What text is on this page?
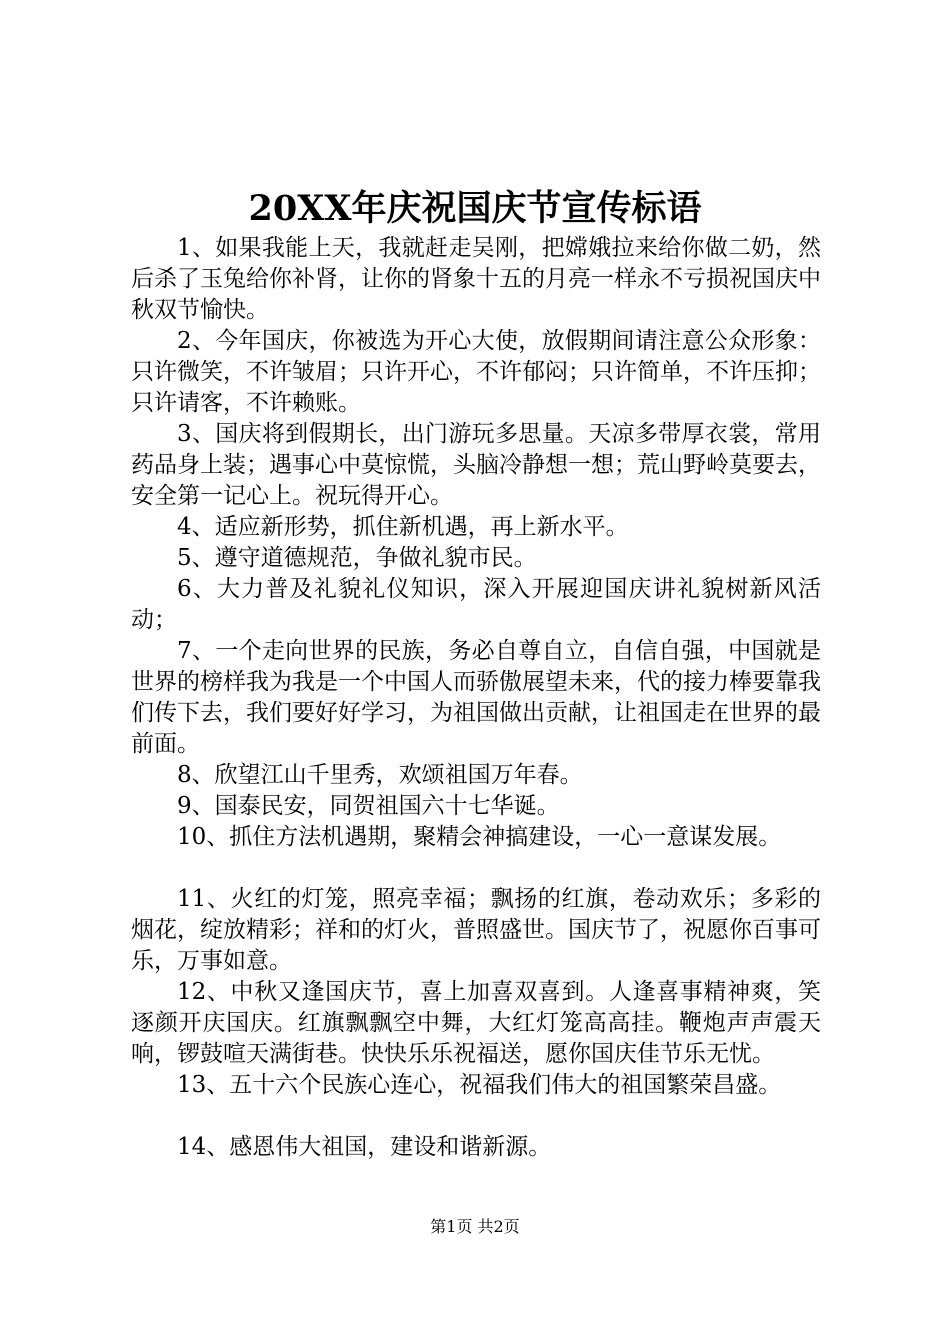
20XX年庆祝国庆节宣传标语

1、如果我能上天，我就赶走吴刚，把嫦娥拉来给你做二奶，然后杀了玉兔给你补肾，让你的肾象十五的月亮一样永不亏损祝国庆中秋双节愉快。

2、今年国庆，你被选为开心大使，放假期间请注意公众形象：只许微笑，不许皱眉；只许开心，不许郁闷；只许简单，不许压抑；只许请客，不许赖账。

3、国庆将到假期长，出门游玩多思量。天凉多带厚衣裳，常用药品身上装；遇事心中莫惊慌，头脑冷静想一想；荒山野岭莫要去，安全第一记心上。祝玩得开心。

4、适应新形势，抓住新机遇，再上新水平。

5、遵守道德规范，争做礼貌市民。

6、大力普及礼貌礼仪知识，深入开展迎国庆讲礼貌树新风活动；

7、一个走向世界的民族，务必自尊自立，自信自强，中国就是世界的榜样我为我是一个中国人而骄傲展望未来，代的接力棒要靠我们传下去，我们要好好学习，为祖国做出贡献，让祖国走在世界的最前面。

8、欣望江山千里秀，欢颂祖国万年春。

9、国泰民安，同贺祖国六十七华诞。

10、抓住方法机遇期，聚精会神搞建设，一心一意谋发展。

11、火红的灯笼，照亮幸福；飘扬的红旗，卷动欢乐；多彩的烟花，绽放精彩；祥和的灯火，普照盛世。国庆节了，祝愿你百事可乐，万事如意。

12、中秋又逢国庆节，喜上加喜双喜到。人逢喜事精神爽，笑逐颜开庆国庆。红旗飘飘空中舞，大红灯笼高高挂。鞭炮声声震天响，锣鼓喧天满街巷。快快乐乐祝福送，愿你国庆佳节乐无忧。

13、五十六个民族心连心，祝福我们伟大的祖国繁荣昌盛。

14、感恩伟大祖国，建设和谐新源。

第1页 共2页
